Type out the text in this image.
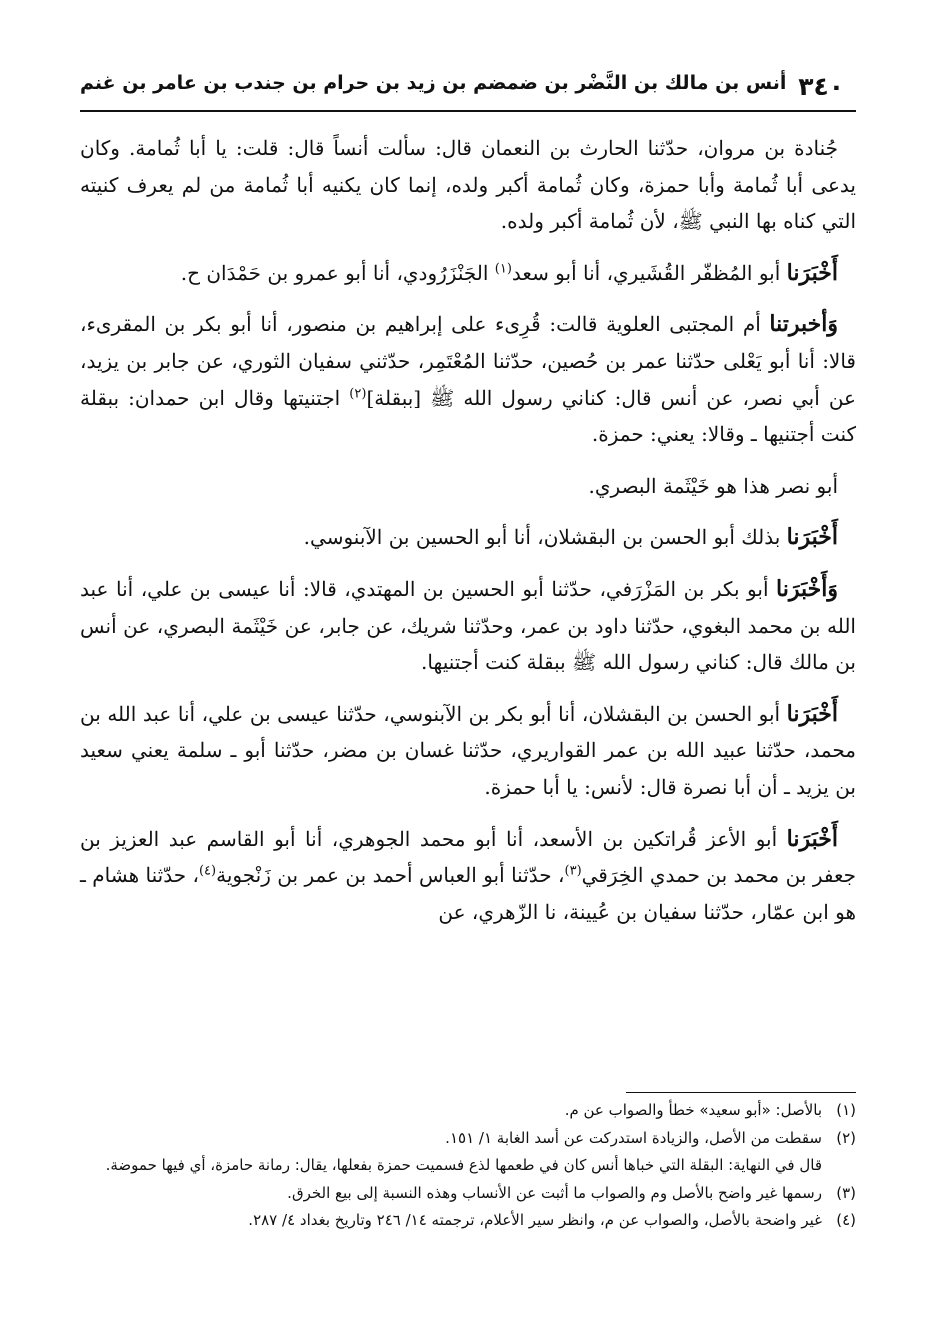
٣٤٠
أنس بن مالك بن النَّضْر بن ضمضم بن زيد بن حرام بن جندب بن عامر بن غنم

جُنادة بن مروان، حدّثنا الحارث بن النعمان قال: سألت أنساً قال: قلت: يا أبا ثُمامة. وكان يدعى أبا ثُمامة وأبا حمزة، وكان ثُمامة أكبر ولده، إنما كان يكنيه أبا ثُمامة من لم يعرف كنيته التي كناه بها النبي ﷺ، لأن ثُمامة أكبر ولده.

أَخْبَرَنا أبو المُظفّر القُشَيري، أنا أبو سعد$^{(١)}$ الجَنْزَرُودي، أنا أبو عمرو بن حَمْدَان ح.

وَأخبرتنا أم المجتبى العلوية قالت: قُرِىء على إبراهيم بن منصور، أنا أبو بكر بن المقرىء، قالا: أنا أبو يَعْلى حدّثنا عمر بن حُصين، حدّثنا المُعْتَمِر، حدّثني سفيان الثوري، عن جابر بن يزيد، عن أبي نصر، عن أنس قال: كناني رسول الله ﷺ [ببقلة]$^{(٢)}$ اجتنيتها وقال ابن حمدان: ببقلة كنت أجتنيها ـ وقالا: يعني: حمزة.

أبو نصر هذا هو خَيْثَمة البصري.

أَخْبَرَنا بذلك أبو الحسن بن البقشلان، أنا أبو الحسين بن الآبنوسي.

وَأَخْبَرَنا أبو بكر بن المَزْرَفي، حدّثنا أبو الحسين بن المهتدي، قالا: أنا عيسى بن علي، أنا عبد الله بن محمد البغوي، حدّثنا داود بن عمر، وحدّثنا شريك، عن جابر، عن خَيْثَمة البصري، عن أنس بن مالك قال: كناني رسول الله ﷺ ببقلة كنت أجتنيها.

أَخْبَرَنا أبو الحسن بن البقشلان، أنا أبو بكر بن الآبنوسي، حدّثنا عيسى بن علي، أنا عبد الله بن محمد، حدّثنا عبيد الله بن عمر القواريري، حدّثنا غسان بن مضر، حدّثنا أبو ـ سلمة يعني سعيد بن يزيد ـ أن أبا نصرة قال: لأنس: يا أبا حمزة.

أَخْبَرَنا أبو الأعز قُراتكين بن الأسعد، أنا أبو محمد الجوهري، أنا أبو القاسم عبد العزيز بن جعفر بن محمد بن حمدي الخِرَقي$^{(٣)}$، حدّثنا أبو العباس أحمد بن عمر بن زَنْجوية$^{(٤)}$، حدّثنا هشام ـ هو ابن عمّار، حدّثنا سفيان بن عُيينة، نا الزّهري، عن

(١)
بالأصل: «أبو سعيد» خطأ والصواب عن م.
(٢)
سقطت من الأصل، والزيادة استدركت عن أسد الغابة ١/ ١٥١.
قال في النهاية: البقلة التي خباها أنس كان في طعمها لذع فسميت حمزة بفعلها، يقال: رمانة حامزة، أي فيها حموضة.
(٣)
رسمها غير واضح بالأصل وم والصواب ما أثبت عن الأنساب وهذه النسبة إلى بيع الخرق.
(٤)
غير واضحة بالأصل، والصواب عن م، وانظر سير الأعلام، ترجمته ١٤/ ٢٤٦ وتاريخ بغداد ٤/ ٢٨٧.
